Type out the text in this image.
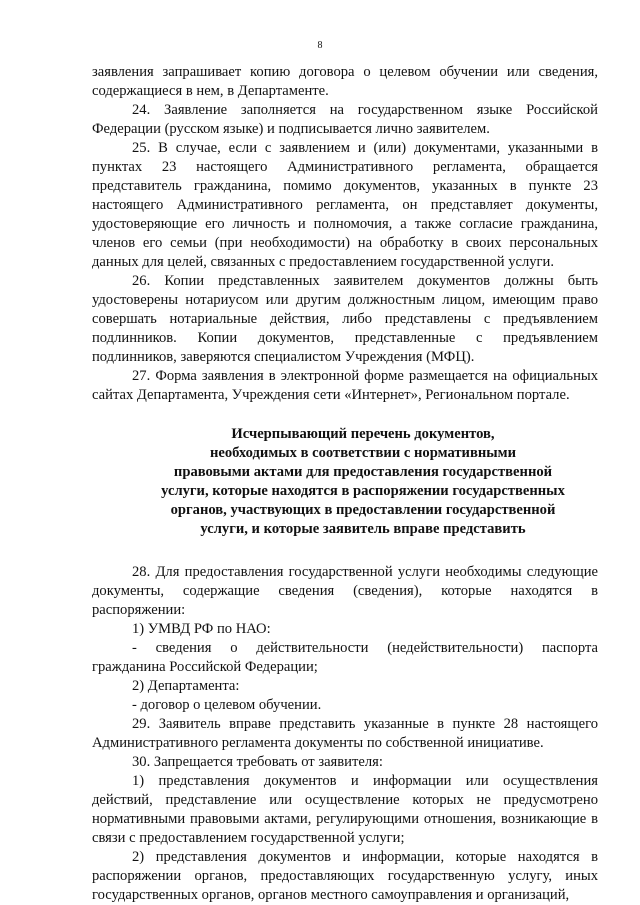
8

заявления запрашивает копию договора о целевом обучении или сведения, содержащиеся в нем, в Департаменте.

24. Заявление заполняется на государственном языке Российской Федерации (русском языке) и подписывается лично заявителем.

25. В случае, если с заявлением и (или) документами, указанными в пунктах 23 настоящего Административного регламента, обращается представитель гражданина, помимо документов, указанных в пункте 23 настоящего Административного регламента, он представляет документы, удостоверяющие его личность и полномочия, а также согласие гражданина, членов его семьи (при необходимости) на обработку в своих персональных данных для целей, связанных с предоставлением государственной услуги.

26. Копии представленных заявителем документов должны быть удостоверены нотариусом или другим должностным лицом, имеющим право совершать нотариальные действия, либо представлены с предъявлением подлинников. Копии документов, представленные с предъявлением подлинников, заверяются специалистом Учреждения (МФЦ).

27. Форма заявления в электронной форме размещается на официальных сайтах Департамента, Учреждения сети «Интернет», Региональном портале.

Исчерпывающий перечень документов,
необходимых в соответствии с нормативными
правовыми актами для предоставления государственной
услуги, которые находятся в распоряжении государственных
органов, участвующих в предоставлении государственной
услуги, и которые заявитель вправе представить

28. Для предоставления государственной услуги необходимы следующие документы, содержащие сведения (сведения), которые находятся в распоряжении:

1) УМВД РФ по НАО:

- сведения о действительности (недействительности) паспорта гражданина Российской Федерации;

2) Департамента:

- договор о целевом обучении.

29. Заявитель вправе представить указанные в пункте 28 настоящего Административного регламента документы по собственной инициативе.

30. Запрещается требовать от заявителя:

1) представления документов и информации или осуществления действий, представление или осуществление которых не предусмотрено нормативными правовыми актами, регулирующими отношения, возникающие в связи с предоставлением государственной услуги;

2) представления документов и информации, которые находятся в распоряжении органов, предоставляющих государственную услугу, иных государственных органов, органов местного самоуправления и организаций,
